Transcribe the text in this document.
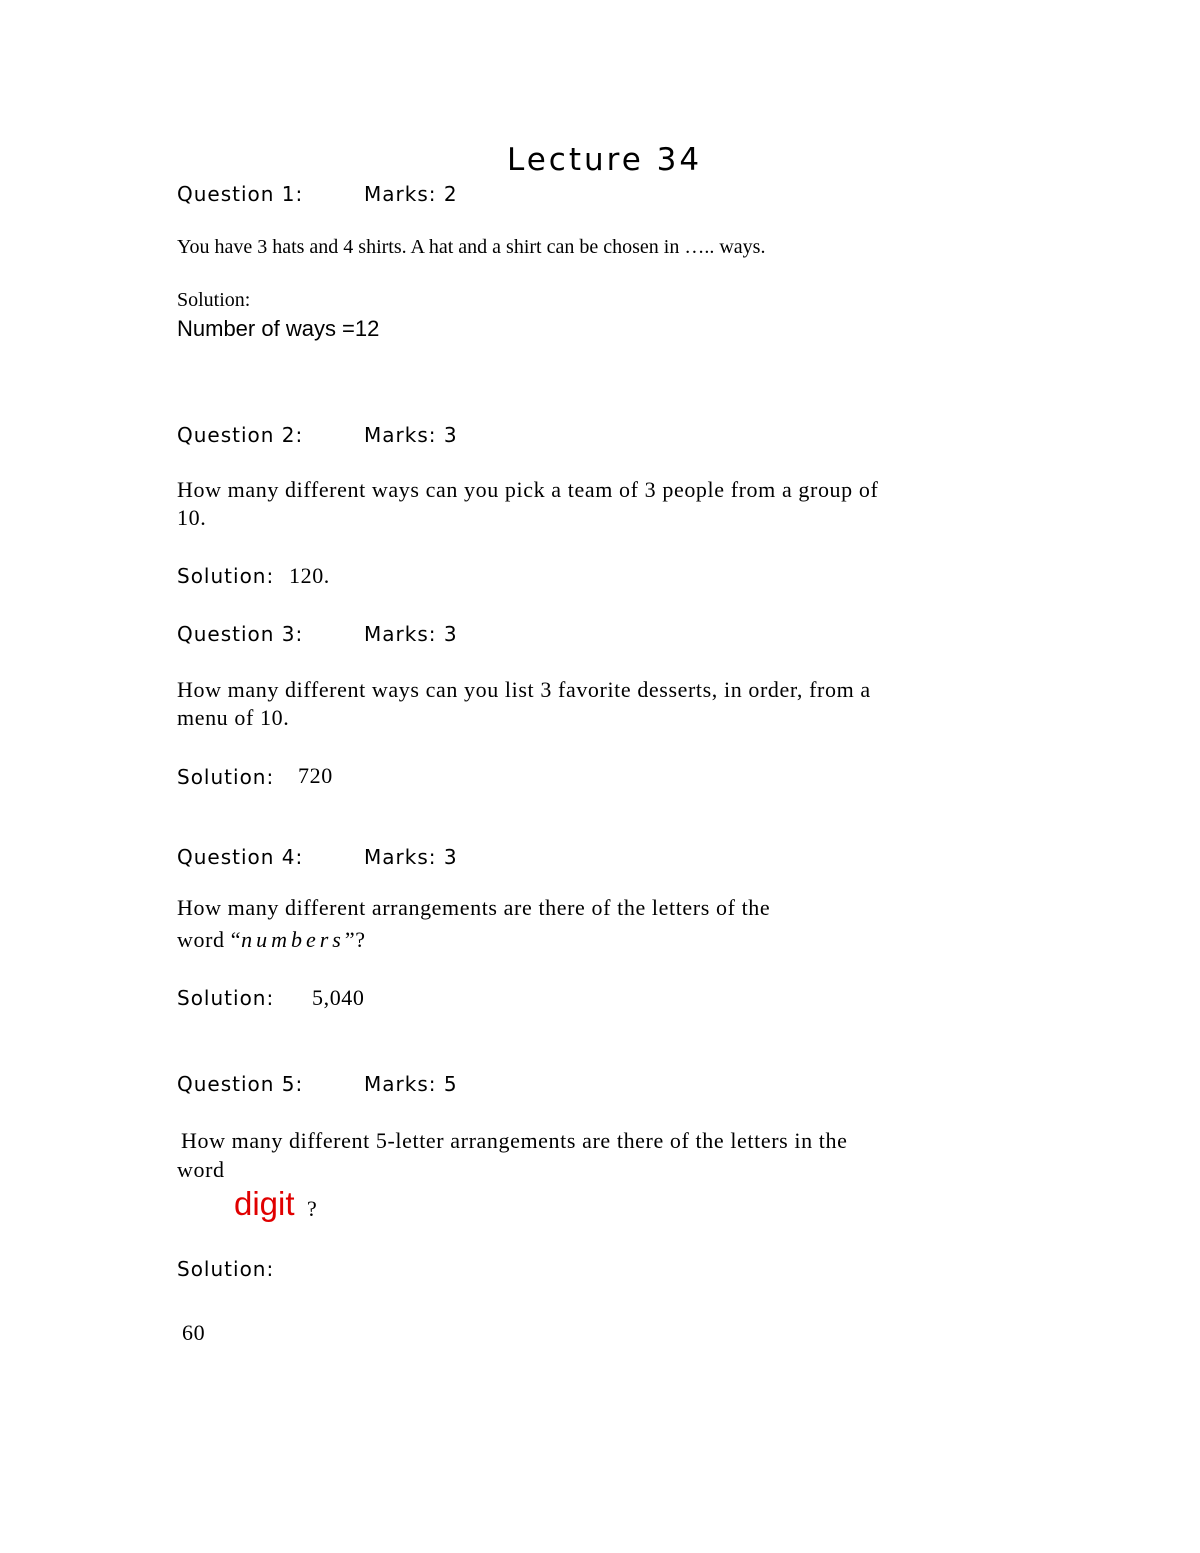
Lecture 34
Question 1:	Marks: 2
You have 3 hats and 4 shirts. A hat and a shirt can be chosen in ….. ways.
Solution:
Number of ways =12
Question 2:	Marks: 3
How many different ways can you pick a team of 3 people from a group of
10.
Solution: 120.
Question 3:	Marks: 3
How many different ways can you list 3 favorite desserts, in order, from a
menu of 10.
Solution: 720
Question 4:	Marks: 3
How many different arrangements are there of the letters of the
word “numbers”?
Solution: 5,040
Question 5:	Marks: 5
How many different 5-letter arrangements are there of the letters in the
word
digit ?
Solution:
60
